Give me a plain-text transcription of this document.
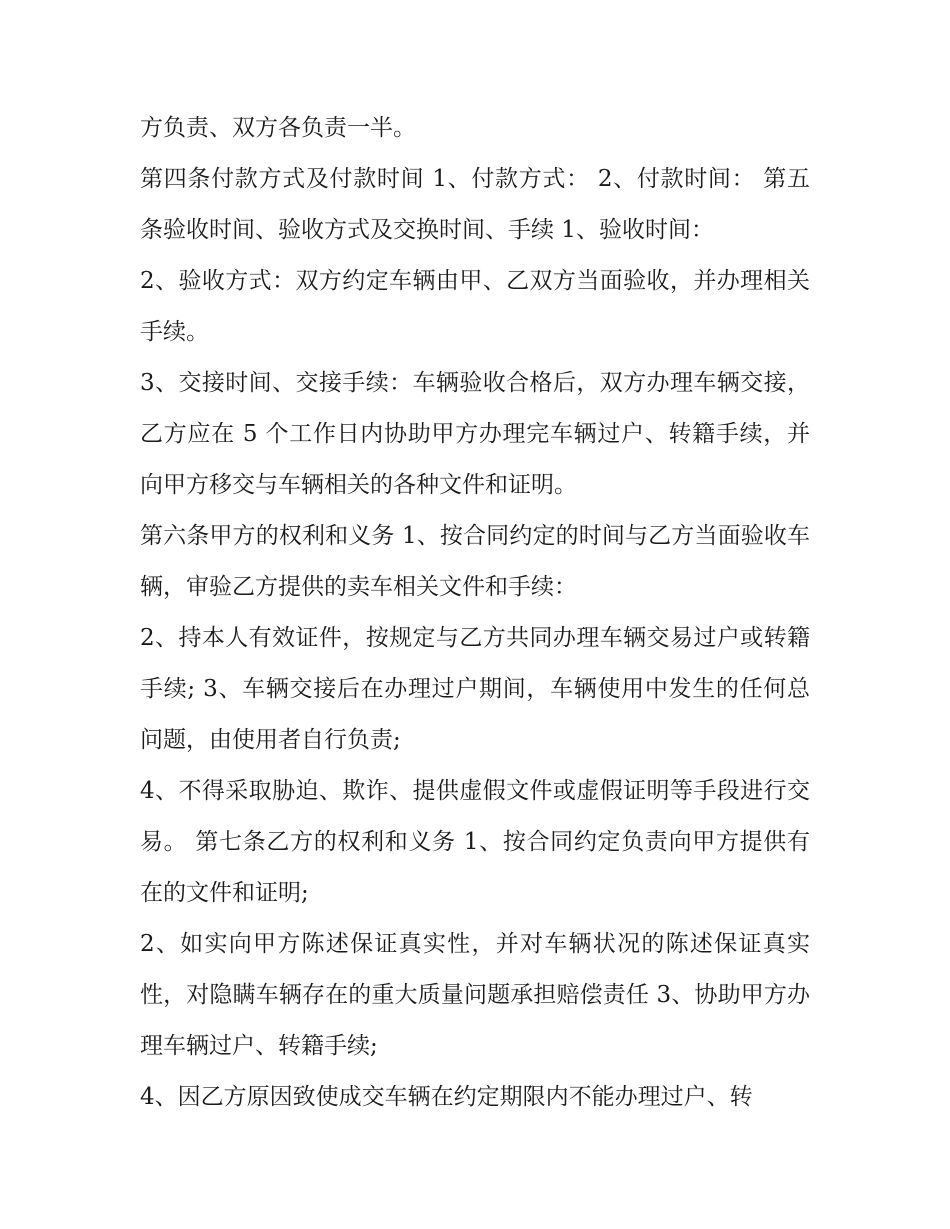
方负责、双方各负责一半。

第四条付款方式及付款时间 1、付款方式： 2、付款时间： 第五条验收时间、验收方式及交换时间、手续 1、验收时间：

2、验收方式：双方约定车辆由甲、乙双方当面验收，并办理相关手续。

3、交接时间、交接手续：车辆验收合格后，双方办理车辆交接，乙方应在 5 个工作日内协助甲方办理完车辆过户、转籍手续，并向甲方移交与车辆相关的各种文件和证明。

第六条甲方的权利和义务 1、按合同约定的时间与乙方当面验收车辆，审验乙方提供的卖车相关文件和手续：

2、持本人有效证件，按规定与乙方共同办理车辆交易过户或转籍手续; 3、车辆交接后在办理过户期间，车辆使用中发生的任何总问题，由使用者自行负责;

4、不得采取胁迫、欺诈、提供虚假文件或虚假证明等手段进行交易。 第七条乙方的权利和义务 1、按合同约定负责向甲方提供有在的文件和证明;

2、如实向甲方陈述保证真实性，并对车辆状况的陈述保证真实性，对隐瞒车辆存在的重大质量问题承担赔偿责任 3、协助甲方办理车辆过户、转籍手续;

4、因乙方原因致使成交车辆在约定期限内不能办理过户、转
